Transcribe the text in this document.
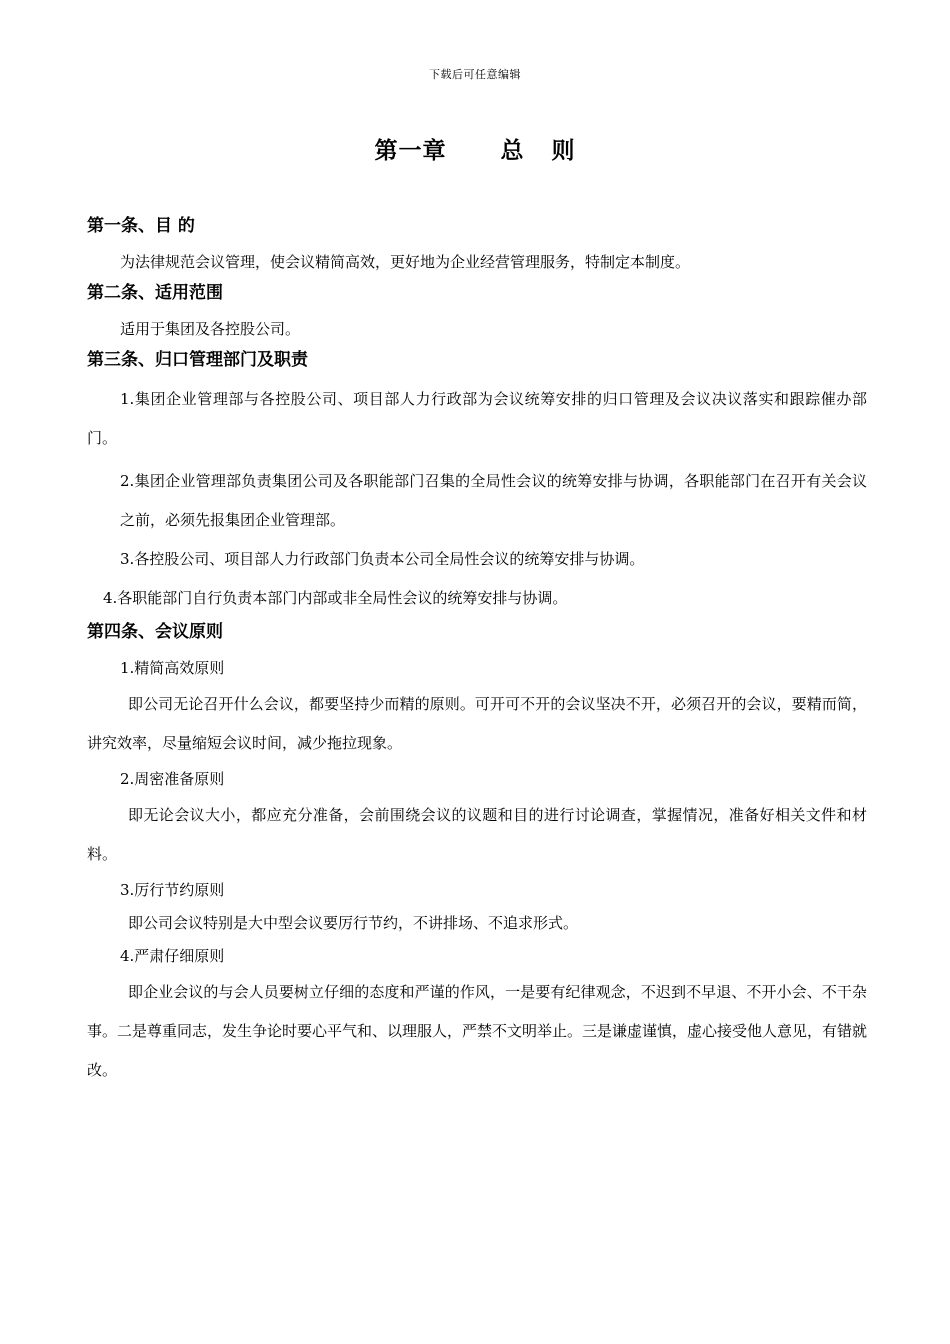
下载后可任意编辑
第一章      总   则
第一条、目 的
为法律规范会议管理，使会议精简高效，更好地为企业经营管理服务，特制定本制度。
第二条、适用范围
适用于集团及各控股公司。
第三条、归口管理部门及职责
1.集团企业管理部与各控股公司、项目部人力行政部为会议统筹安排的归口管理及会议决议落实和跟踪催办部门。
2.集团企业管理部负责集团公司及各职能部门召集的全局性会议的统筹安排与协调，各职能部门在召开有关会议之前，必须先报集团企业管理部。
3.各控股公司、项目部人力行政部门负责本公司全局性会议的统筹安排与协调。
4.各职能部门自行负责本部门内部或非全局性会议的统筹安排与协调。
第四条、会议原则
1.精简高效原则
即公司无论召开什么会议，都要坚持少而精的原则。可开可不开的会议坚决不开，必须召开的会议，要精而简，讲究效率，尽量缩短会议时间，减少拖拉现象。
2.周密准备原则
即无论会议大小，都应充分准备，会前围绕会议的议题和目的进行讨论调查，掌握情况，准备好相关文件和材料。
3.厉行节约原则
即公司会议特别是大中型会议要厉行节约，不讲排场、不追求形式。
4.严肃仔细原则
即企业会议的与会人员要树立仔细的态度和严谨的作风，一是要有纪律观念，不迟到不早退、不开小会、不干杂事。二是尊重同志，发生争论时要心平气和、以理服人，严禁不文明举止。三是谦虚谨慎，虚心接受他人意见，有错就改。
